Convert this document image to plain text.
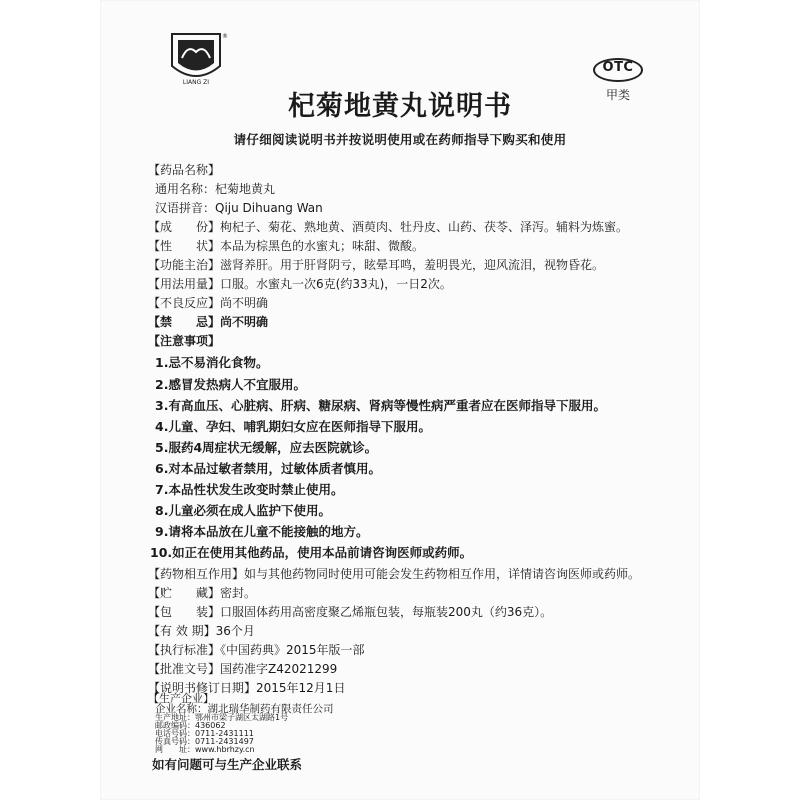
LIANG ZI
®
OTC
甲类
杞菊地黄丸说明书
请仔细阅读说明书并按说明使用或在药师指导下购买和使用
【药品名称】
通用名称：杞菊地黄丸
汉语拼音：Qiju Dihuang Wan
【成　　份】枸杞子、菊花、熟地黄、酒萸肉、牡丹皮、山药、茯苓、泽泻。辅料为炼蜜。
【性　　状】本品为棕黑色的水蜜丸；味甜、微酸。
【功能主治】滋肾养肝。用于肝肾阴亏，眩晕耳鸣，羞明畏光，迎风流泪，视物昏花。
【用法用量】口服。水蜜丸一次6克(约33丸)，一日2次。
【不良反应】尚不明确
【禁　　忌】尚不明确
【注意事项】
1.忌不易消化食物。
2.感冒发热病人不宜服用。
3.有高血压、心脏病、肝病、糖尿病、肾病等慢性病严重者应在医师指导下服用。
4.儿童、孕妇、哺乳期妇女应在医师指导下服用。
5.服药4周症状无缓解，应去医院就诊。
6.对本品过敏者禁用，过敏体质者慎用。
7.本品性状发生改变时禁止使用。
8.儿童必须在成人监护下使用。
9.请将本品放在儿童不能接触的地方。
10.如正在使用其他药品，使用本品前请咨询医师或药师。
【药物相互作用】如与其他药物同时使用可能会发生药物相互作用，详情请咨询医师或药师。
【贮　　藏】密封。
【包　　装】口服固体药用高密度聚乙烯瓶包装，每瓶装200丸（约36克）。
【有 效 期】36个月
【执行标准】《中国药典》2015年版一部
【批准文号】国药准字Z42021299
【说明书修订日期】2015年12月1日
【生产企业】
企业名称：湖北瑞华制药有限责任公司
如有问题可与生产企业联系
生产地址：鄂州市梁子湖区太湖路1号
邮政编码：436062
电话号码：0711-2431111
传真号码：0711-2431497
网　　址：www.hbrhzy.cn
